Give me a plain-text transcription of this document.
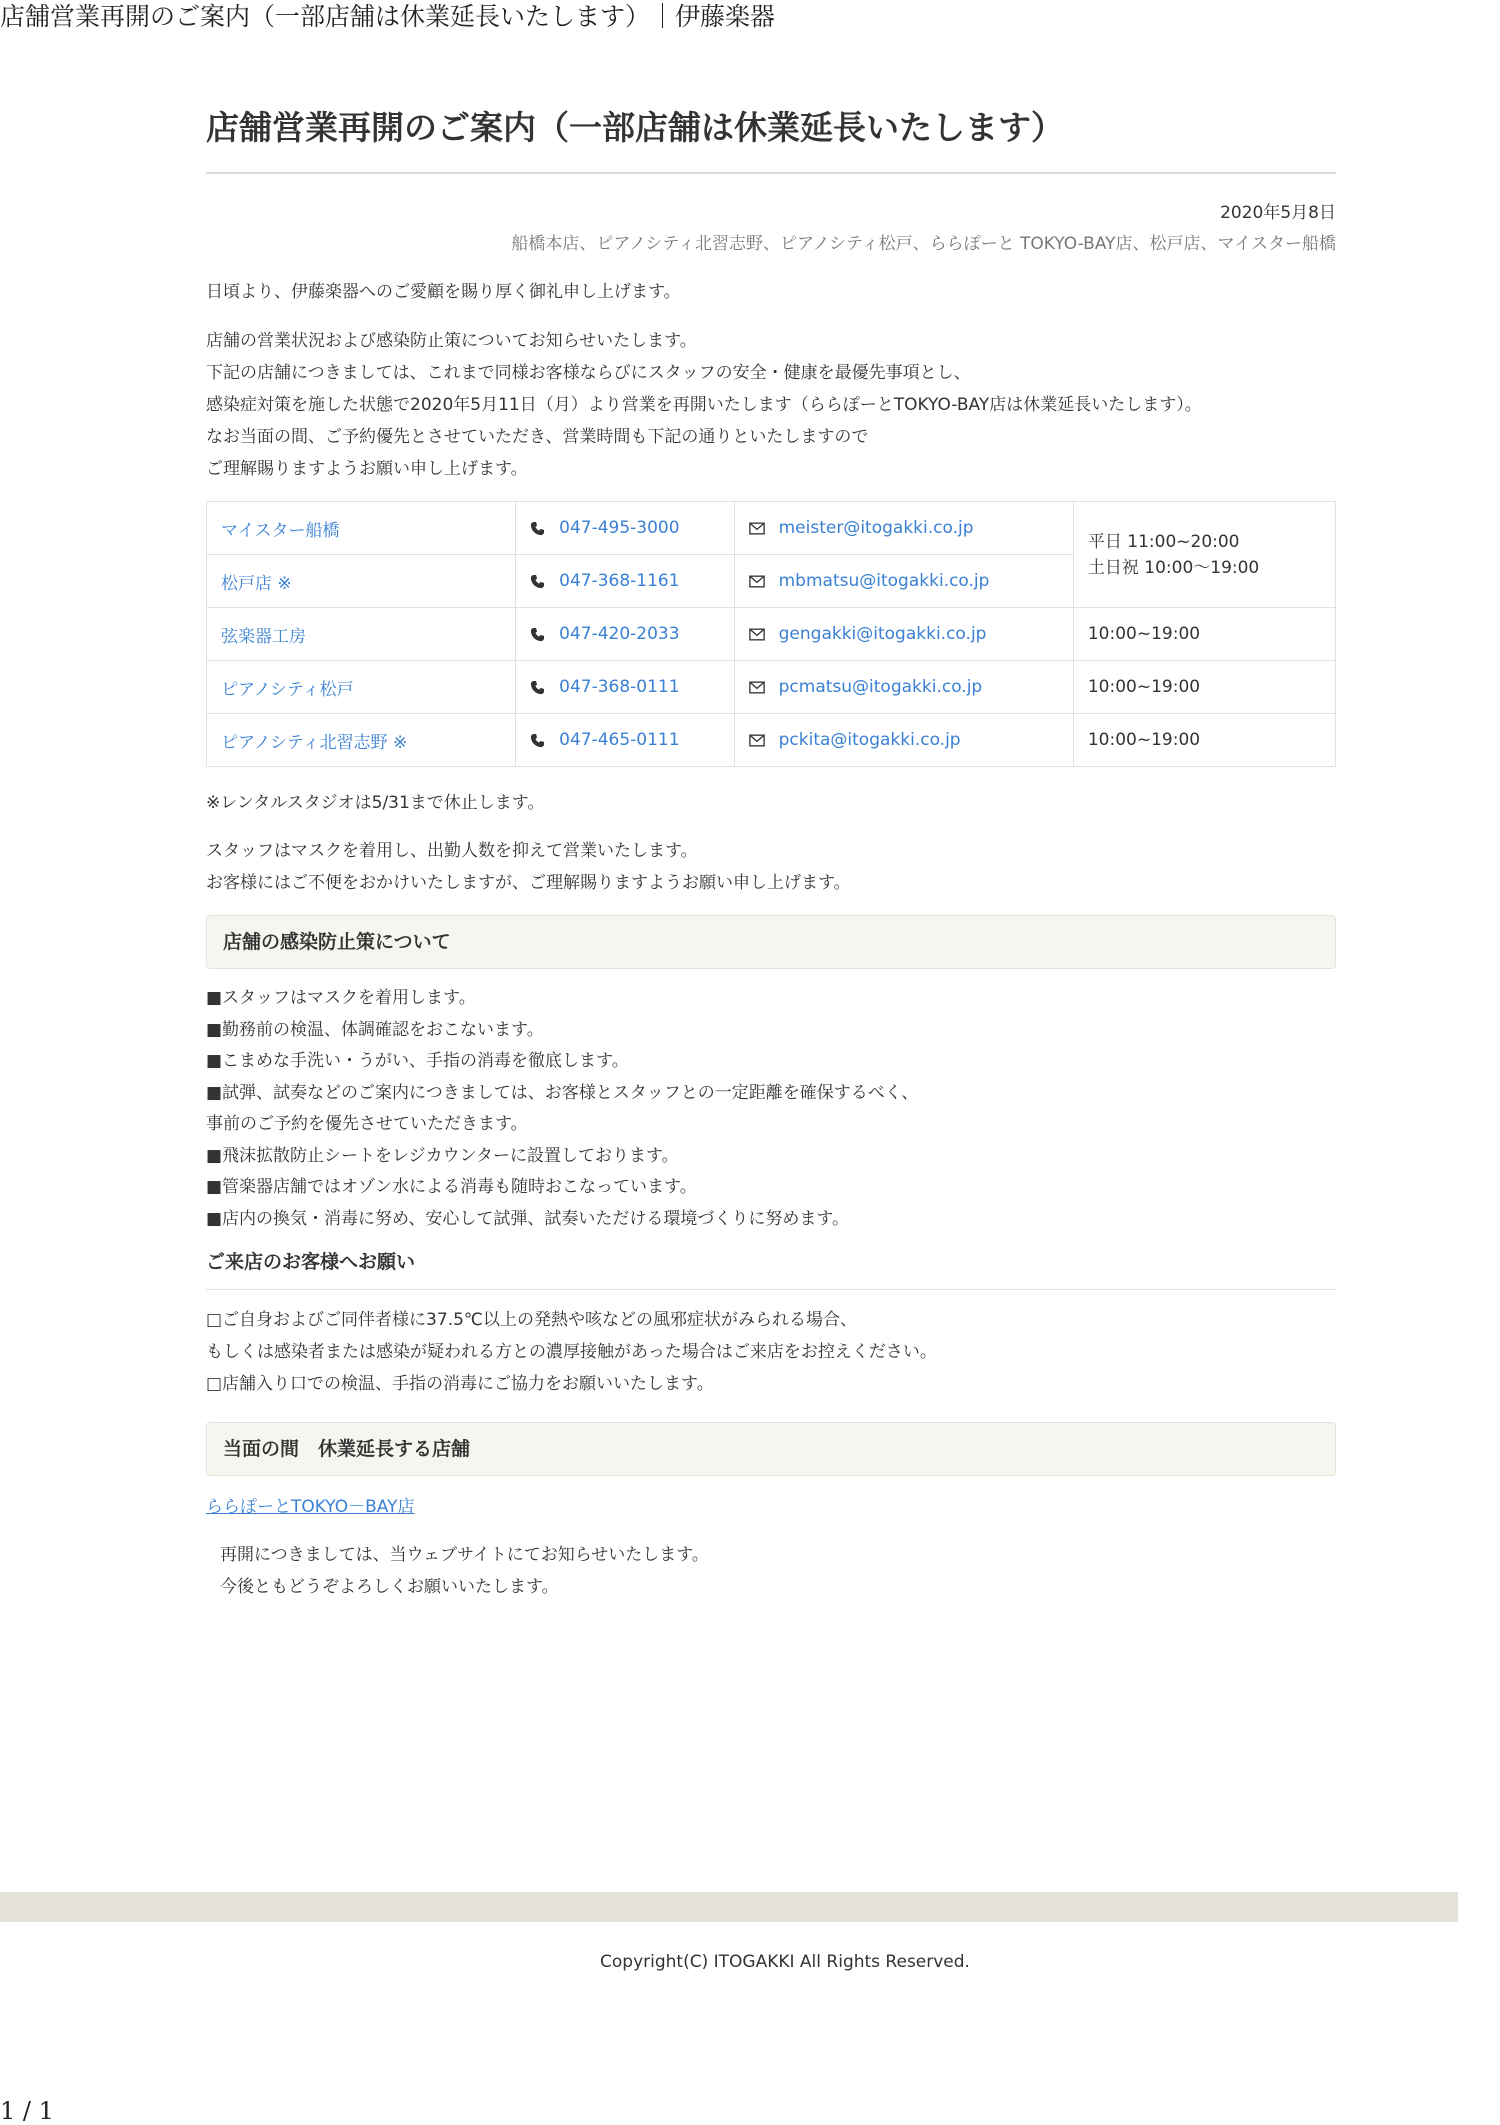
店舗営業再開のご案内（一部店舗は休業延長いたします）｜伊藤楽器
店舗営業再開のご案内（一部店舗は休業延長いたします）
2020年5月8日
船橋本店、ピアノシティ北習志野、ピアノシティ松戸、ららぽーと TOKYO-BAY店、松戸店、マイスター船橋

日頃より、伊藤楽器へのご愛顧を賜り厚く御礼申し上げます。

店舗の営業状況および感染防止策についてお知らせいたします。

下記の店舗につきましては、これまで同様お客様ならびにスタッフの安全・健康を最優先事項とし、

感染症対策を施した状態で2020年5月11日（月）より営業を再開いたします（ららぽーとTOKYO-BAY店は休業延長いたします）。

なお当面の間、ご予約優先とさせていただき、営業時間も下記の通りといたしますので

ご理解賜りますようお願い申し上げます。

マイスター船橋	047-495-3000	meister@itogakki.co.jp	平日 11:00~20:00
土日祝 10:00〜19:00

松戸店 ※	047-368-1161	mbmatsu@itogakki.co.jp	
弦楽器工房	047-420-2033	gengakki@itogakki.co.jp	10:00~19:00
ピアノシティ松戸	047-368-0111	pcmatsu@itogakki.co.jp	10:00~19:00
ピアノシティ北習志野 ※	047-465-0111	pckita@itogakki.co.jp	10:00~19:00

※レンタルスタジオは5/31まで休止します。

スタッフはマスクを着用し、出勤人数を抑えて営業いたします。

お客様にはご不便をおかけいたしますが、ご理解賜りますようお願い申し上げます。

店舗の感染防止策について

■スタッフはマスクを着用します。

■勤務前の検温、体調確認をおこないます。

■こまめな手洗い・うがい、手指の消毒を徹底します。

■試弾、試奏などのご案内につきましては、お客様とスタッフとの一定距離を確保するべく、

事前のご予約を優先させていただきます。

■飛沫拡散防止シートをレジカウンターに設置しております。

■管楽器店舗ではオゾン水による消毒も随時おこなっています。

■店内の換気・消毒に努め、安心して試弾、試奏いただける環境づくりに努めます。

ご来店のお客様へお願い

□ご自身およびご同伴者様に37.5℃以上の発熱や咳などの風邪症状がみられる場合、

もしくは感染者または感染が疑われる方との濃厚接触があった場合はご来店をお控えください。

□店舗入り口での検温、手指の消毒にご協力をお願いいたします。

当面の間　休業延長する店舗
ららぽーとTOKYO－BAY店

再開につきましては、当ウェブサイトにてお知らせいたします。

今後ともどうぞよろしくお願いいたします。

Copyright(C) ITOGAKKI All Rights Reserved.
1 / 1
